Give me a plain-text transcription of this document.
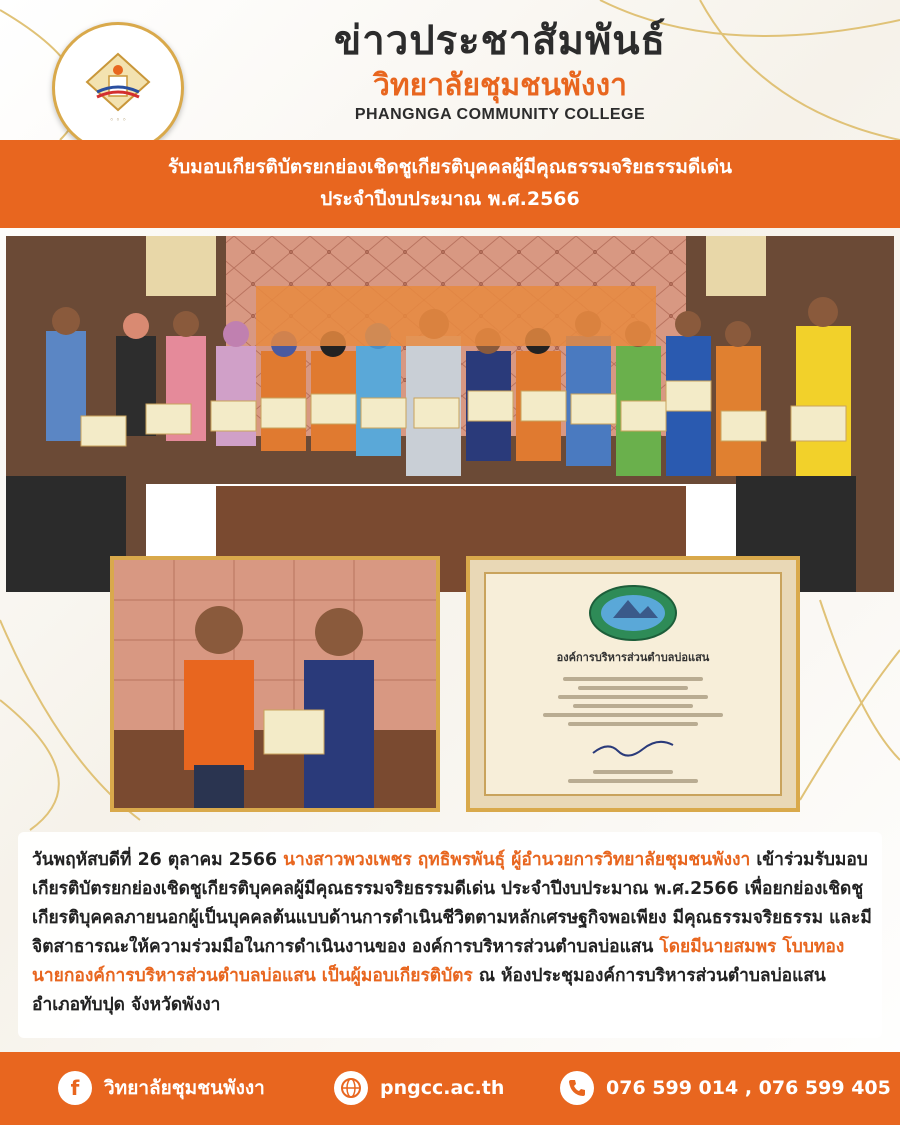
◦ ◦ ◦
ข่าวประชาสัมพันธ์
วิทยาลัยชุมชนพังงา
PHANGNGA COMMUNITY COLLEGE
รับมอบเกียรติบัตรยกย่องเชิดชูเกียรติบุคคลผู้มีคุณธรรมจริยธรรมดีเด่น
ประจำปีงบประมาณ พ.ศ.2566
องค์การบริหารส่วนตำบลบ่อแสน

วันพฤหัสบดีที่ 26 ตุลาคม 2566 นางสาวพวงเพชร ฤทธิพรพันธุ์ ผู้อำนวยการวิทยาลัยชุมชนพังงา เข้าร่วมรับมอบเกียรติบัตรยกย่องเชิดชูเกียรติบุคคลผู้มีคุณธรรมจริยธรรมดีเด่น ประจำปีงบประมาณ พ.ศ.2566 เพื่อยกย่องเชิดชูเกียรติบุคคลภายนอกผู้เป็นบุคคลต้นแบบด้านการดำเนินชีวิตตามหลักเศรษฐกิจพอเพียง มีคุณธรรมจริยธรรม และมีจิตสาธารณะให้ความร่วมมือในการดำเนินงานของ องค์การบริหารส่วนตำบลบ่อแสน โดยมีนายสมพร โบบทอง นายกองค์การบริหารส่วนตำบลบ่อแสน เป็นผู้มอบเกียรติบัตร ณ ห้องประชุมองค์การบริหารส่วนตำบลบ่อแสน อำเภอทับปุด จังหวัดพังงา

f	วิทยาลัยชุมชนพังงา	pngcc.ac.th	076 599 014 , 076 599 405
